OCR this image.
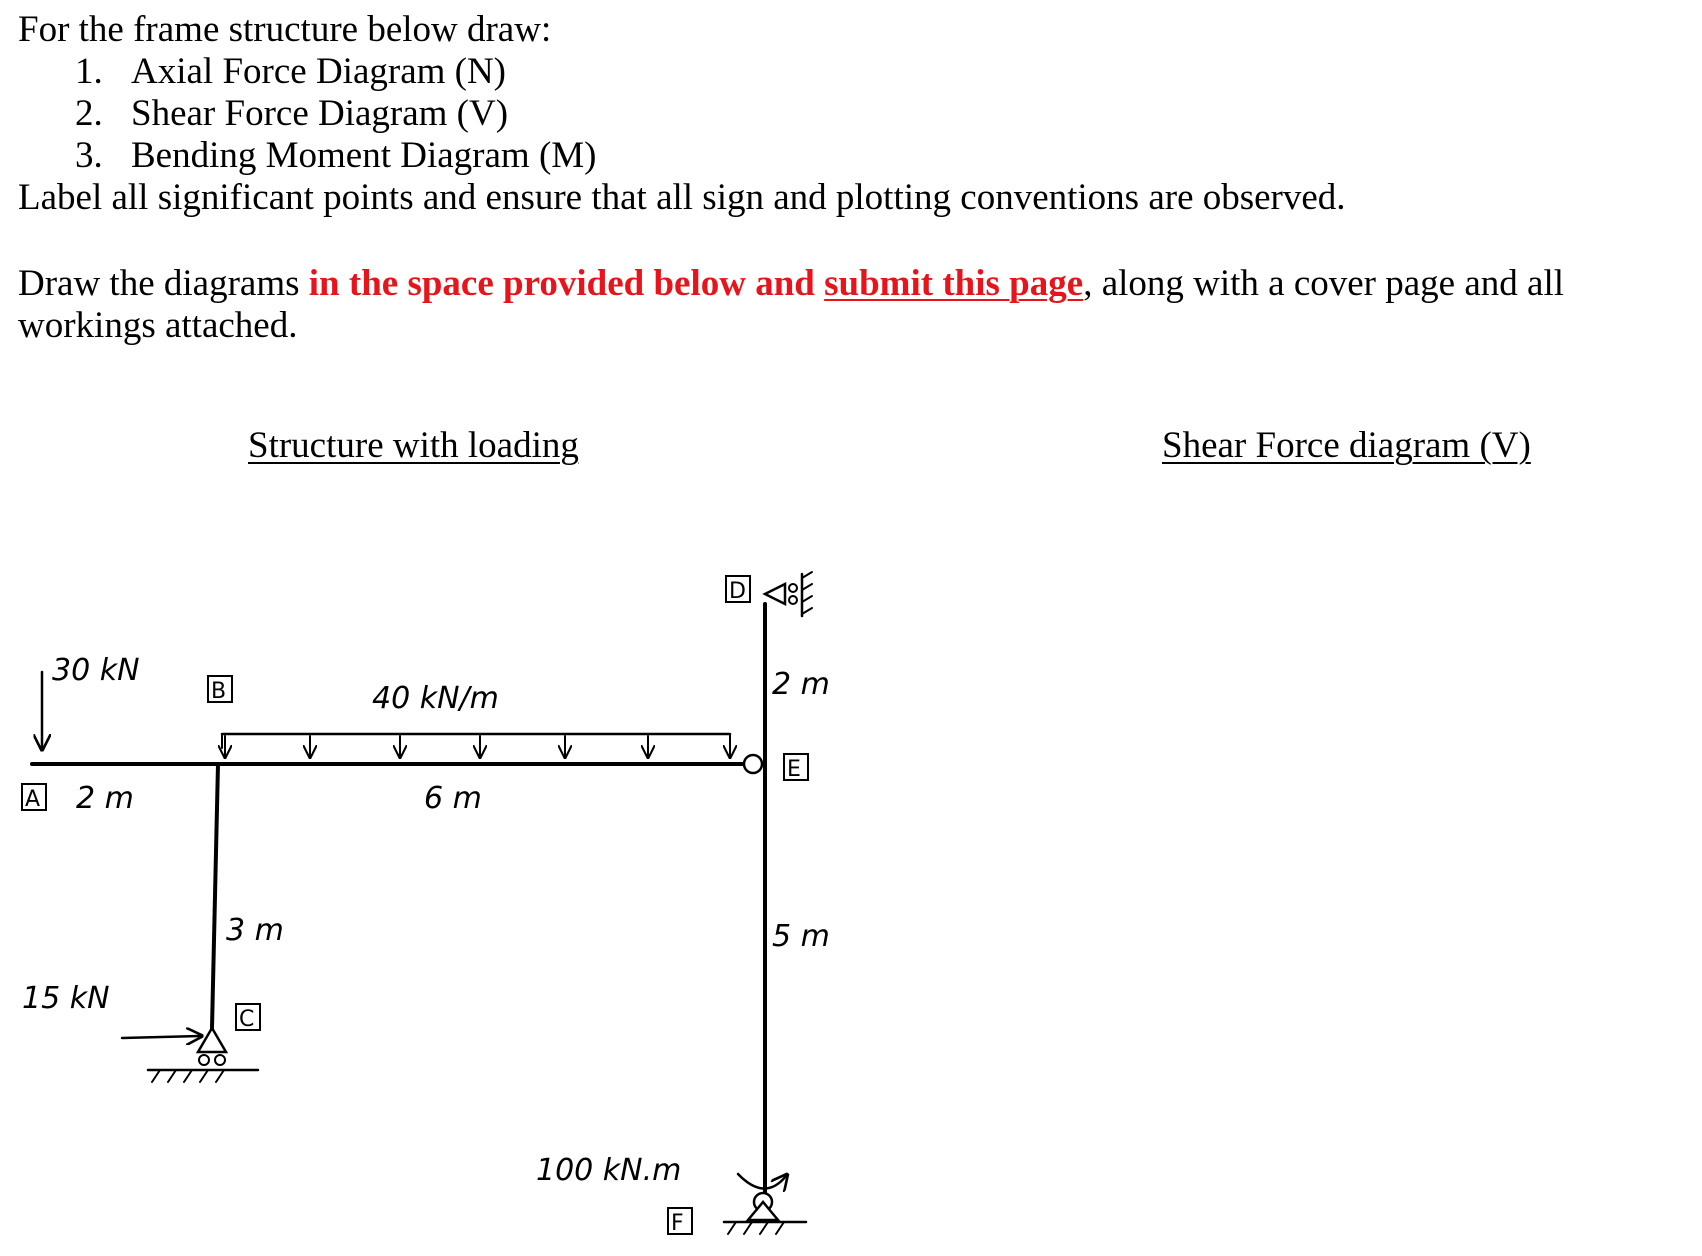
For the frame structure below draw:
1. Axial Force Diagram (N)
2. Shear Force Diagram (V)
3. Bending Moment Diagram (M)
Label all significant points and ensure that all sign and plotting conventions are observed.
Draw the diagrams in the space provided below and submit this page, along with a cover page and all
workings attached.
Structure with loading	Shear Force diagram (V)
A
B
C
D
E
F
30 kN
40 kN/m
15 kN
100 kN.m
2 m	6 m
3 m
2 m
5 m
